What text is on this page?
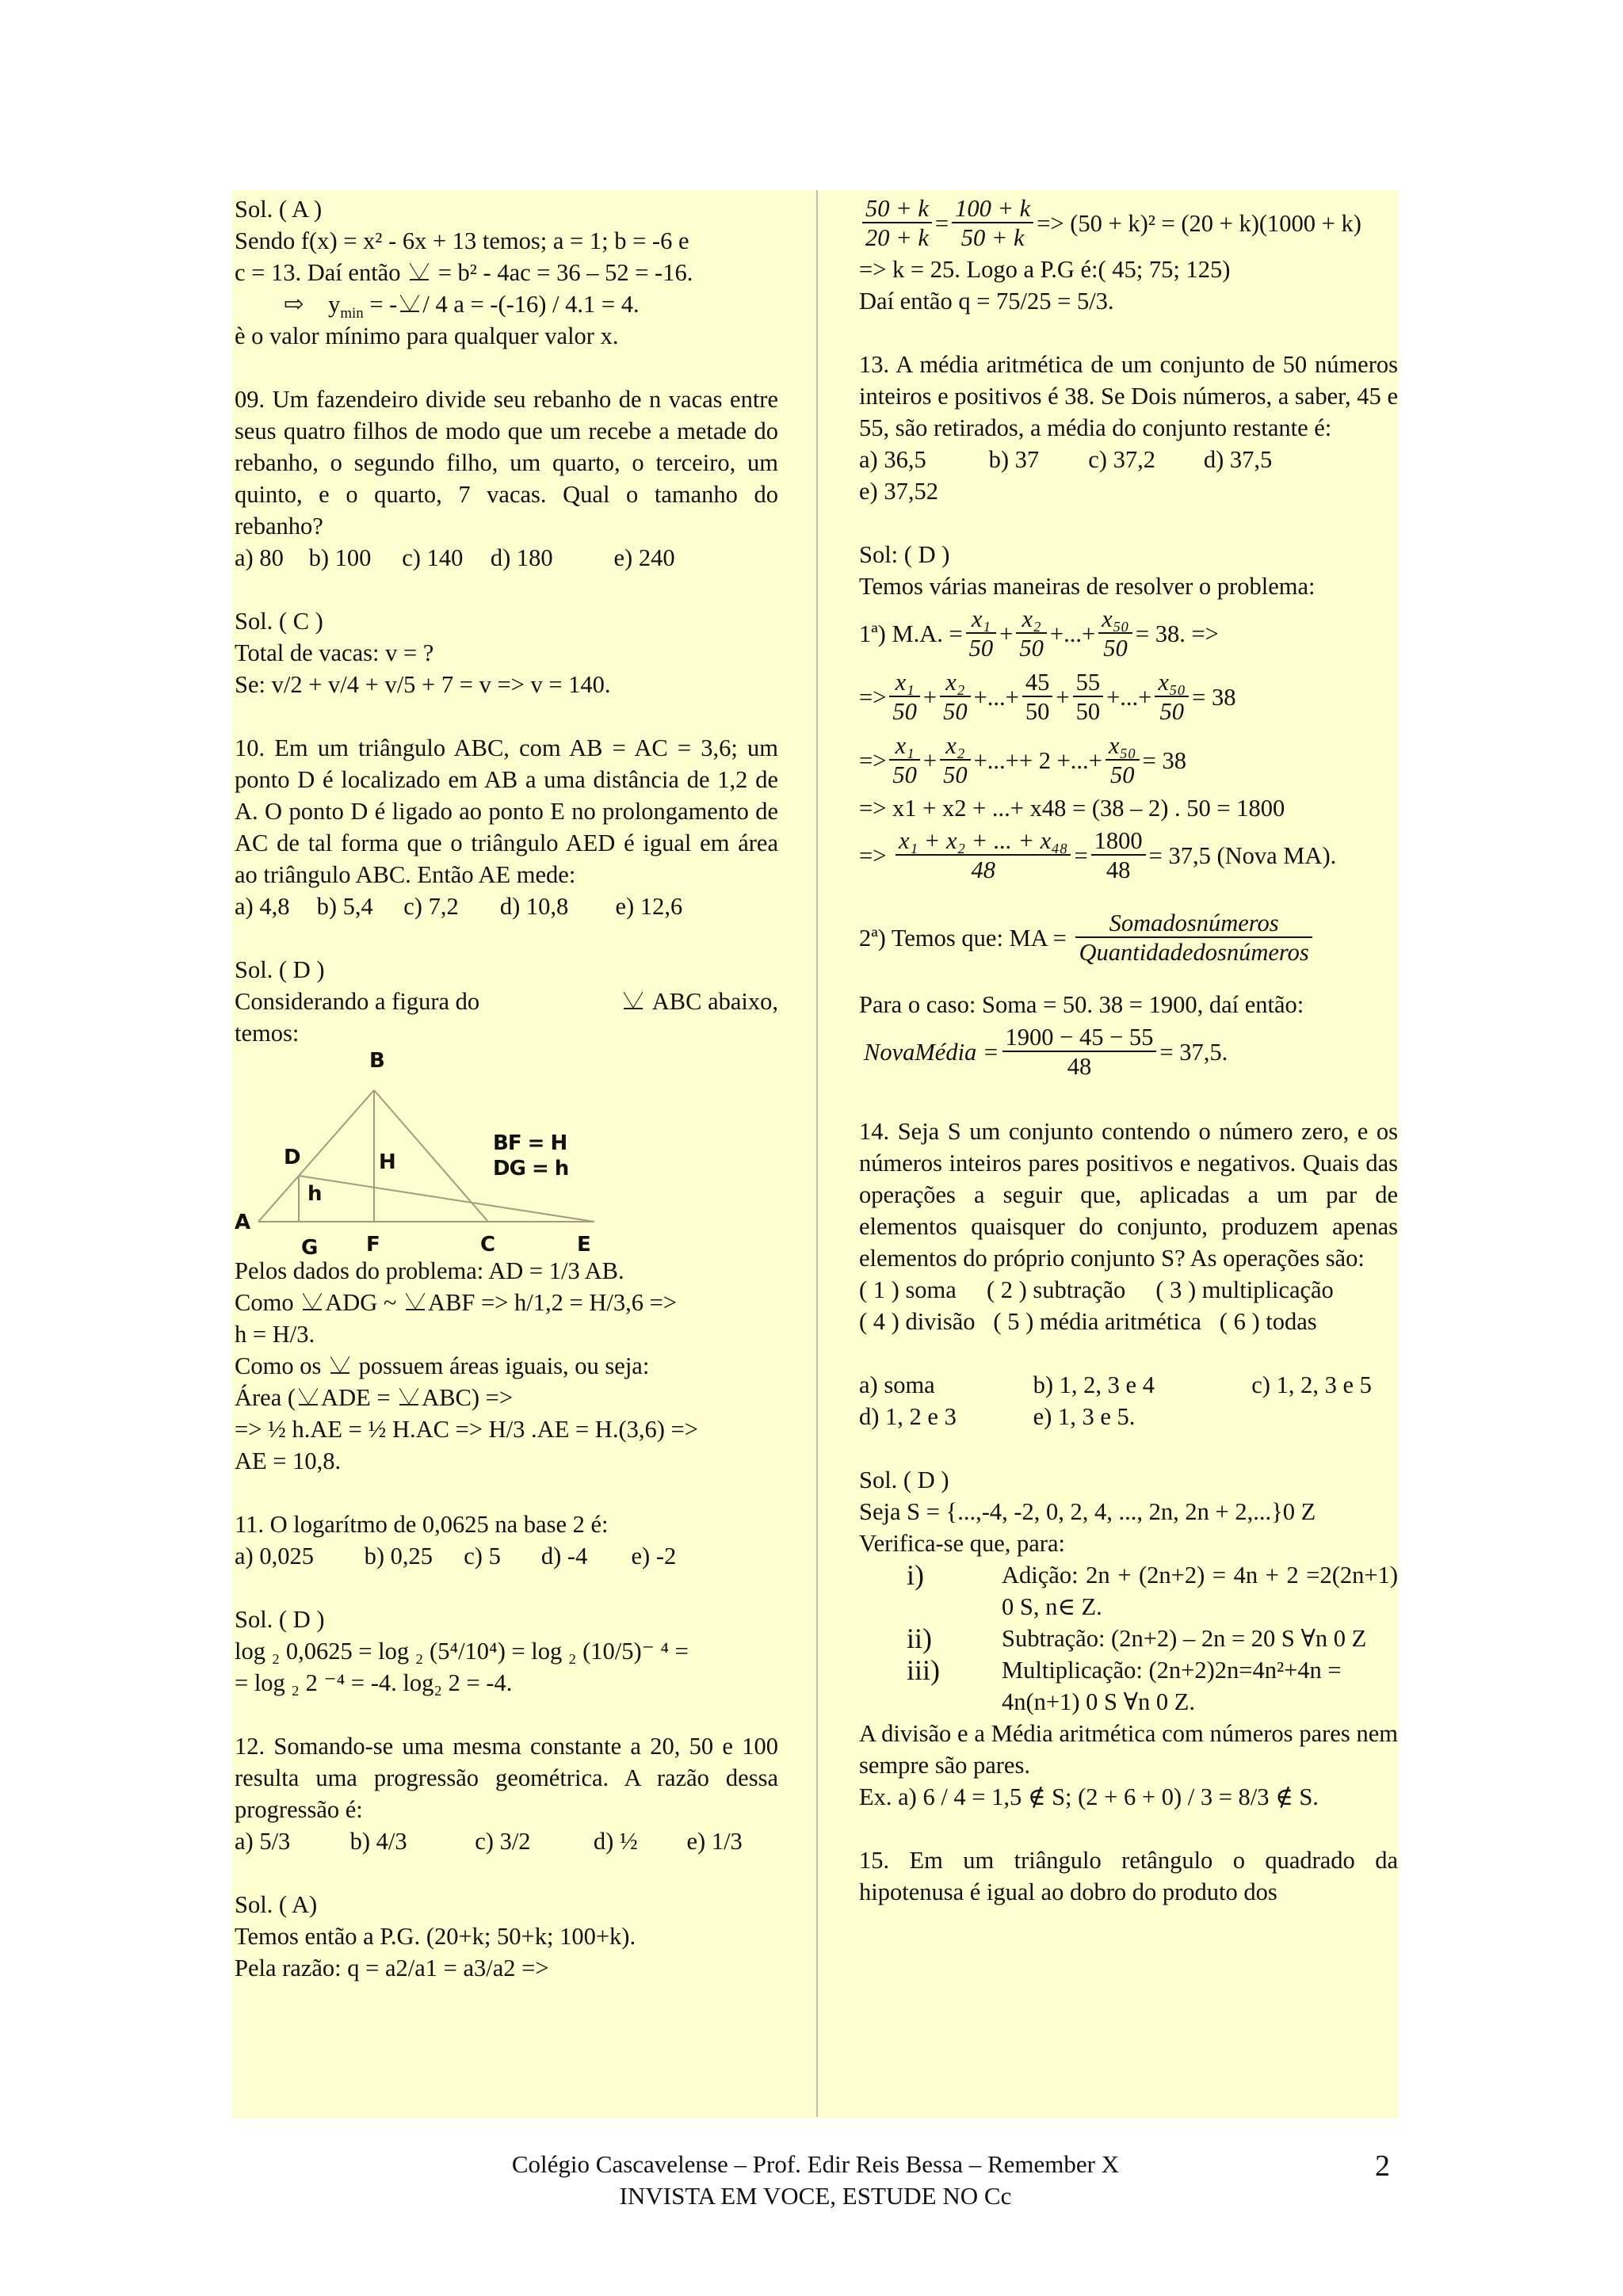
Sol. ( A )

Sendo f(x) = x² - 6x + 13 temos; a = 1; b = -6 e

c = 13. Daí então = b² - 4ac = 36 – 52 = -16.

⇨ $y_{min}$ = - / 4 a = -(-16) / 4.1 = 4.

è o valor mínimo para qualquer valor x.

09. Um fazendeiro divide seu rebanho de n vacas entre seus quatro filhos de modo que um recebe a metade do rebanho, o segundo filho, um quarto, o terceiro, um quinto, e o quarto, 7 vacas. Qual o tamanho do rebanho?

a) 80 b) 100 c) 140 d) 180	e) 240

Sol. ( C )

Total de vacas: v = ?

Se: v/2 + v/4 + v/5 + 7 = v => v = 140.

10. Em um triângulo ABC, com AB = AC = 3,6; um ponto D é localizado em AB a uma distância de 1,2 de A. O ponto D é ligado ao ponto E no prolongamento de AC de tal forma que o triângulo AED é igual em área ao triângulo ABC. Então AE mede:

a) 4,8 b) 5,4 c) 7,2 d) 10,8 e) 12,6

Sol. ( D )

Considerando a figura do	ABC abaixo,

temos:

B
D	H
h
A
G F	C	E
BF = H
DG = h

Pelos dados do problema: AD = 1/3 AB.

Como ADG ~ ABF => h/1,2 = H/3,6 =>

h = H/3.

Como os possuem áreas iguais, ou seja:

Área ( ADE = ABC) =>

=> ½ h.AE = ½ H.AC => H/3 .AE = H.(3,6) =>

AE = 10,8.

11. O logarítmo de 0,0625 na base 2 é:

a) 0,025 b) 0,25 c) 5 d) -4 e) -2

Sol. ( D )

log ₂ 0,0625 = log ₂ (5⁴/10⁴) = log ₂ (10/5)⁻ ⁴ =

= log ₂ 2 ⁻⁴ = -4. log₂ 2 = -4.

12. Somando-se uma mesma constante a 20, 50 e 100 resulta uma progressão geométrica. A razão dessa progressão é:

a) 5/3 b) 4/3	c) 3/2	d) ½ e) 1/3

Sol. ( A)

Temos então a P.G. (20+k; 50+k; 100+k).

Pela razão: q = a2/a1 = a3/a2 =>

$\frac{50 + k}{20 + k} = \frac{100 + k}{50 + k} => (50 + k)^2 = (20 + k)(1000 + k)$

=> k = 25. Logo a P.G é:( 45; 75; 125)

Daí então q = 75/25 = 5/3.

13. A média aritmética de um conjunto de 50 números inteiros e positivos é 38. Se Dois números, a saber, 45 e 55, são retirados, a média do conjunto restante é:

a) 36,5	b) 37 c) 37,2 d) 37,5 e) 37,52

Sol: ( D )

Temos várias maneiras de resolver o problema:

1ª) M.A. = $\frac{\text{x₁}}{50} + \frac{\text{x₂}}{50}$ +...+ $\frac{\text{x₅₀}}{50} = 38$. =>
=> $\frac{\text{x₁}}{50} + \frac{\text{x₂}}{50}$ +...+ $\frac{45}{50} + \frac{55}{50}$ +...+ $\frac{\text{x₅₀}}{50} = 38$
=> $\frac{\text{x₁}}{50} + \frac{\text{x₂}}{50}$ +...+ + 2 +...+ $\frac{\text{x₅₀}}{50} = 38$

=> x1 + x2 + ...+ x48 = (38 – 2) . 50 = 1800

=>
$\frac{\text{x₁ + x₂ + ... + x₄₈}}{48} = \frac{1800}{48} = 37,5$ (Nova MA).
2ª) Temos que: MA =
$\frac{\text{Somadosnúmeros}}{\text{Quantidadedosnúmeros}}$

Para o caso: Soma = 50. 38 = 1900, daí então:

NovaMédia = $\frac{1900 - 45 - 55}{48} = 37,5$.

14. Seja S um conjunto contendo o número zero, e os números inteiros pares positivos e negativos. Quais das operações a seguir que, aplicadas a um par de elementos quaisquer do conjunto, produzem apenas elementos do próprio conjunto S? As operações são:

( 1 ) soma     ( 2 ) subtração     ( 3 ) multiplicação

( 4 ) divisão   ( 5 ) média aritmética   ( 6 ) todas

a) soma	b) 1, 2, 3 e 4	c) 1, 2, 3 e 5

d) 1, 2 e 3	e) 1, 3 e 5.

Sol. ( D )

Seja S = {...,-4, -2, 0, 2, 4, ..., 2n, 2n + 2,...}0 Z

Verifica-se que, para:

i)	Adição: 2n + (2n+2) = 4n + 2 =2(2n+1) 0 S, n∈ Z.
ii)	Subtração: (2n+2) – 2n = 20 S ∀n 0 Z
iii)	Multiplicação: (2n+2)2n=4n²+4n = 4n(n+1) 0 S ∀n 0 Z.

A divisão e a Média aritmética com números pares nem sempre são pares.

Ex. a) 6 / 4 = 1,5 ∉ S; (2 + 6 + 0) / 3 = 8/3 ∉ S.

15. Em um triângulo retângulo o quadrado da hipotenusa é igual ao dobro do produto dos

Colégio Cascavelense – Prof. Edir Reis Bessa – Remember X
INVISTA EM VOCE, ESTUDE NO Cc
2
